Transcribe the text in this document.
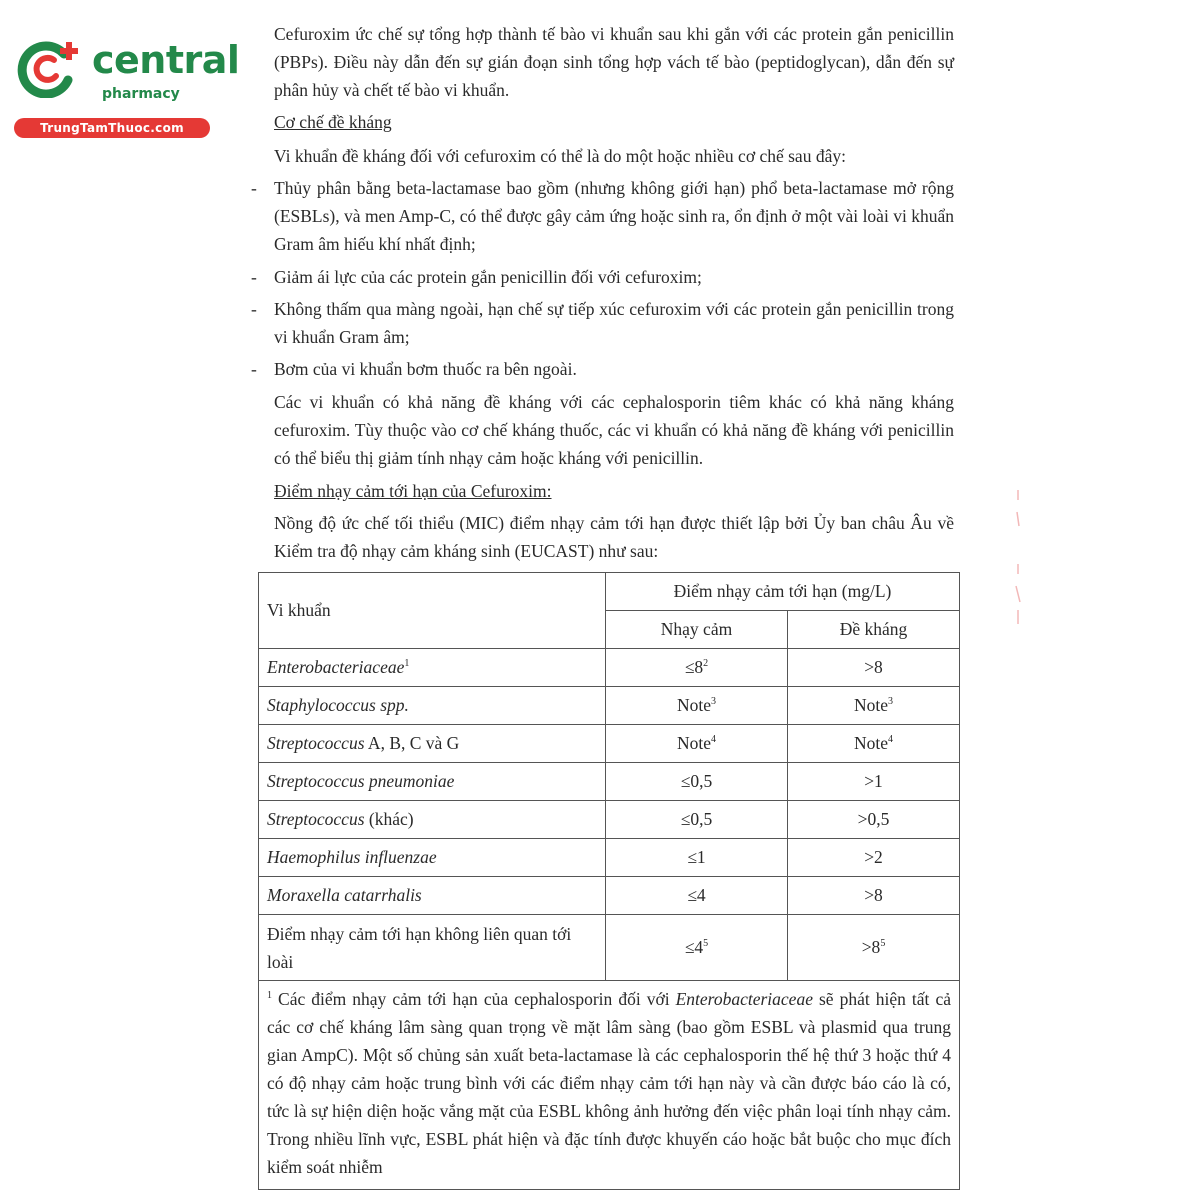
central
pharmacy
TrungTamThuoc.com

Cefuroxim ức chế sự tổng hợp thành tế bào vi khuẩn sau khi gắn với các protein gắn penicillin (PBPs). Điều này dẫn đến sự gián đoạn sinh tổng hợp vách tế bào (peptidoglycan), dẫn đến sự phân hủy và chết tế bào vi khuẩn.

Cơ chế đề kháng

Vi khuẩn đề kháng đối với cefuroxim có thể là do một hoặc nhiều cơ chế sau đây:

- Thủy phân bằng beta-lactamase bao gồm (nhưng không giới hạn) phổ beta-lactamase mở rộng (ESBLs), và men Amp-C, có thể được gây cảm ứng hoặc sinh ra, ổn định ở một vài loài vi khuẩn Gram âm hiếu khí nhất định;

- Giảm ái lực của các protein gắn penicillin đối với cefuroxim;

- Không thấm qua màng ngoài, hạn chế sự tiếp xúc cefuroxim với các protein gắn penicillin trong vi khuẩn Gram âm;

- Bơm của vi khuẩn bơm thuốc ra bên ngoài.

Các vi khuẩn có khả năng đề kháng với các cephalosporin tiêm khác có khả năng kháng cefuroxim. Tùy thuộc vào cơ chế kháng thuốc, các vi khuẩn có khả năng đề kháng với penicillin có thể biểu thị giảm tính nhạy cảm hoặc kháng với penicillin.

Điểm nhạy cảm tới hạn của Cefuroxim:

Nồng độ ức chế tối thiểu (MIC) điểm nhạy cảm tới hạn được thiết lập bởi Ủy ban châu Âu về Kiểm tra độ nhạy cảm kháng sinh (EUCAST) như sau:

Vi khuẩn	Điểm nhạy cảm tới hạn (mg/L)	
	Nhạy cảm	Đề kháng
Enterobacteriaceae$^1$	$\le 8^2$	>8
Staphylococcus spp.	Note$^3$	Note$^3$
Streptococcus A, B, C và G	Note$^4$	Note$^4$
Streptococcus pneumoniae	≤0,5	>1
Streptococcus (khác)	≤0,5	>0,5
Haemophilus influenzae	≤1	>2
Moraxella catarrhalis	≤4	>8
Điểm nhạy cảm tới hạn không liên quan tới loài	$\le 4^5$	$>8^5$
$^1$ Các điểm nhạy cảm tới hạn của cephalosporin đối với Enterobacteriaceae sẽ phát hiện tất cả các cơ chế kháng lâm sàng quan trọng về mặt lâm sàng (bao gồm ESBL và plasmid qua trung gian AmpC). Một số chủng sản xuất beta-lactamase là các cephalosporin thế hệ thứ 3 hoặc thứ 4 có độ nhạy cảm hoặc trung bình với các điểm nhạy cảm tới hạn này và cần được báo cáo là có, tức là sự hiện diện hoặc vắng mặt của ESBL không ảnh hưởng đến việc phân loại tính nhạy cảm. Trong nhiều lĩnh vực, ESBL phát hiện và đặc tính được khuyến cáo hoặc bắt buộc cho mục đích kiểm soát nhiễm
